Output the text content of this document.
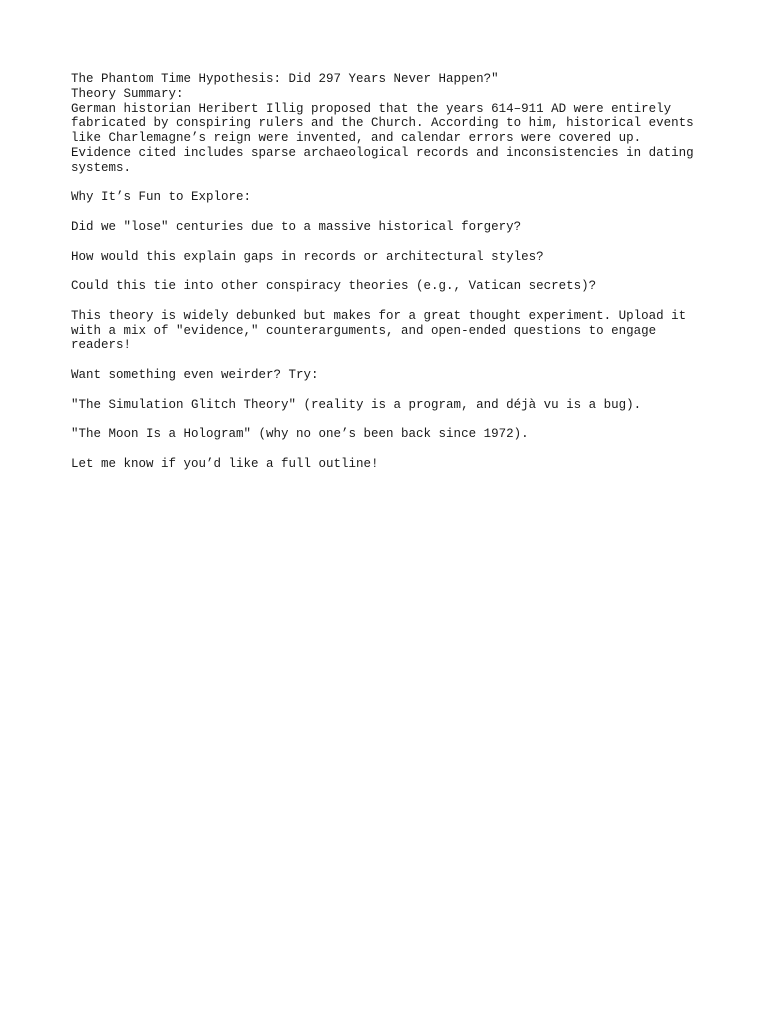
The Phantom Time Hypothesis: Did 297 Years Never Happen?"
Theory Summary:
German historian Heribert Illig proposed that the years 614–911 AD were entirely
fabricated by conspiring rulers and the Church. According to him, historical events
like Charlemagne’s reign were invented, and calendar errors were covered up.
Evidence cited includes sparse archaeological records and inconsistencies in dating
systems.
Why It’s Fun to Explore:
Did we "lose" centuries due to a massive historical forgery?
How would this explain gaps in records or architectural styles?
Could this tie into other conspiracy theories (e.g., Vatican secrets)?
This theory is widely debunked but makes for a great thought experiment. Upload it
with a mix of "evidence," counterarguments, and open-ended questions to engage
readers!
Want something even weirder? Try:
"The Simulation Glitch Theory" (reality is a program, and déjà vu is a bug).
"The Moon Is a Hologram" (why no one’s been back since 1972).
Let me know if you’d like a full outline!
